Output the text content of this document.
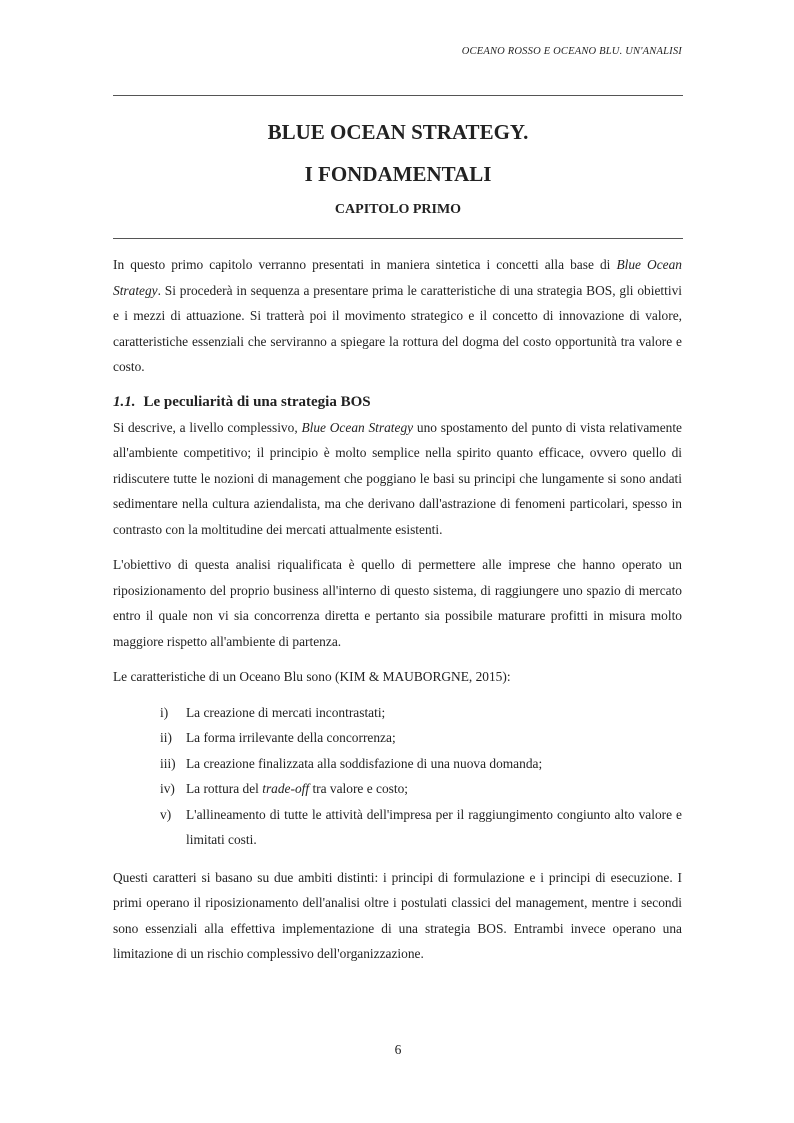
OCEANO ROSSO E OCEANO BLU. UN'ANALISI
BLUE OCEAN STRATEGY.
I FONDAMENTALI
CAPITOLO PRIMO

In questo primo capitolo verranno presentati in maniera sintetica i concetti alla base di Blue Ocean Strategy. Si procederà in sequenza a presentare prima le caratteristiche di una strategia BOS, gli obiettivi e i mezzi di attuazione. Si tratterà poi il movimento strategico e il concetto di innovazione di valore, caratteristiche essenziali che serviranno a spiegare la rottura del dogma del costo opportunità tra valore e costo.

1.1. Le peculiarità di una strategia BOS

Si descrive, a livello complessivo, Blue Ocean Strategy uno spostamento del punto di vista relativamente all'ambiente competitivo; il principio è molto semplice nella spirito quanto efficace, ovvero quello di ridiscutere tutte le nozioni di management che poggiano le basi su principi che lungamente si sono andati sedimentare nella cultura aziendalista, ma che derivano dall'astrazione di fenomeni particolari, spesso in contrasto con la moltitudine dei mercati attualmente esistenti.

L'obiettivo di questa analisi riqualificata è quello di permettere alle imprese che hanno operato un riposizionamento del proprio business all'interno di questo sistema, di raggiungere uno spazio di mercato entro il quale non vi sia concorrenza diretta e pertanto sia possibile maturare profitti in misura molto maggiore rispetto all'ambiente di partenza.

Le caratteristiche di un Oceano Blu sono (KIM & MAUBORGNE, 2015):

i) La creazione di mercati incontrastati;
ii) La forma irrilevante della concorrenza;
iii) La creazione finalizzata alla soddisfazione di una nuova domanda;
iv) La rottura del trade-off tra valore e costo;
v) L'allineamento di tutte le attività dell'impresa per il raggiungimento congiunto alto valore e limitati costi.

Questi caratteri si basano su due ambiti distinti: i principi di formulazione e i principi di esecuzione. I primi operano il riposizionamento dell'analisi oltre i postulati classici del management, mentre i secondi sono essenziali alla effettiva implementazione di una strategia BOS. Entrambi invece operano una limitazione di un rischio complessivo dell'organizzazione.

6
